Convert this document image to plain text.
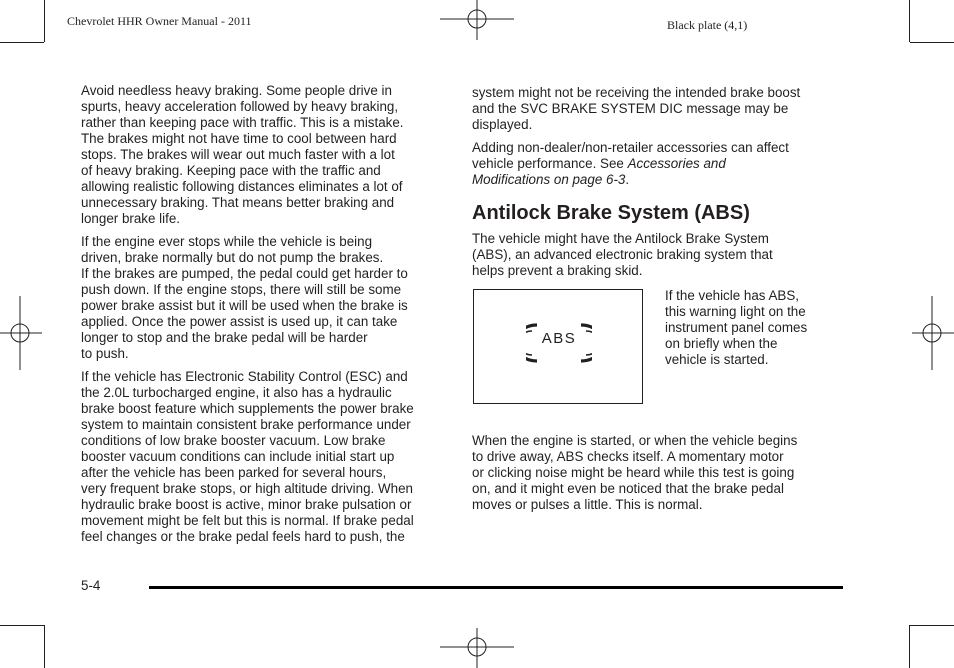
Chevrolet HHR Owner Manual - 2011	Black plate (4,1)

Avoid needless heavy braking. Some people drive in
spurts, heavy acceleration followed by heavy braking,
rather than keeping pace with traffic. This is a mistake.
The brakes might not have time to cool between hard
stops. The brakes will wear out much faster with a lot
of heavy braking. Keeping pace with the traffic and
allowing realistic following distances eliminates a lot of
unnecessary braking. That means better braking and
longer brake life.

If the engine ever stops while the vehicle is being
driven, brake normally but do not pump the brakes.
If the brakes are pumped, the pedal could get harder to
push down. If the engine stops, there will still be some
power brake assist but it will be used when the brake is
applied. Once the power assist is used up, it can take
longer to stop and the brake pedal will be harder
to push.

If the vehicle has Electronic Stability Control (ESC) and
the 2.0L turbocharged engine, it also has a hydraulic
brake boost feature which supplements the power brake
system to maintain consistent brake performance under
conditions of low brake booster vacuum. Low brake
booster vacuum conditions can include initial start up
after the vehicle has been parked for several hours,
very frequent brake stops, or high altitude driving. When
hydraulic brake boost is active, minor brake pulsation or
movement might be felt but this is normal. If brake pedal
feel changes or the brake pedal feels hard to push, the

system might not be receiving the intended brake boost
and the SVC BRAKE SYSTEM DIC message may be
displayed.

Adding non-dealer/non-retailer accessories can affect
vehicle performance. See Accessories and
Modifications on page 6-3.

Antilock Brake System (ABS)

The vehicle might have the Antilock Brake System
(ABS), an advanced electronic braking system that
helps prevent a braking skid.

ABS

If the vehicle has ABS,
this warning light on the
instrument panel comes
on briefly when the
vehicle is started.

When the engine is started, or when the vehicle begins
to drive away, ABS checks itself. A momentary motor
or clicking noise might be heard while this test is going
on, and it might even be noticed that the brake pedal
moves or pulses a little. This is normal.

5-4
